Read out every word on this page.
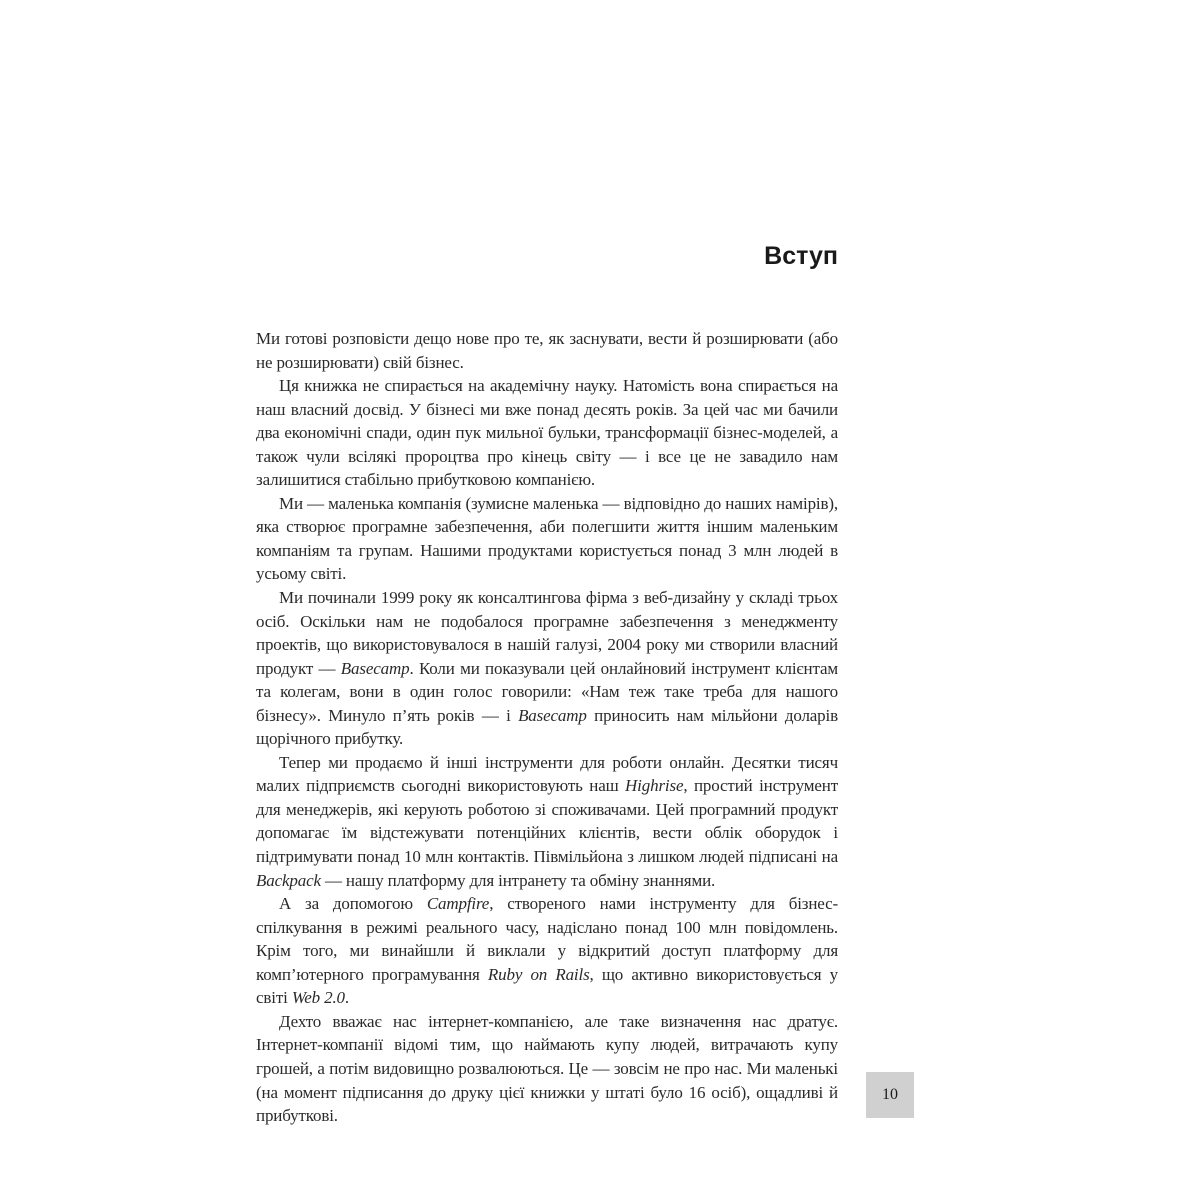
Вступ

Ми готові розповісти дещо нове про те, як заснувати, вести й розширювати (або не розширювати) свій бізнес.

Ця книжка не спирається на академічну науку. Натомість вона спирається на наш власний досвід. У бізнесі ми вже понад десять років. За цей час ми бачили два економічні спади, один пук мильної бульки, трансформації бізнес-моделей, а також чули всілякі пророцтва про кінець світу — і все це не завадило нам залишитися стабільно прибутковою компанією.

Ми — маленька компанія (зумисне маленька — відповідно до наших намірів), яка створює програмне забезпечення, аби полегшити життя іншим маленьким компаніям та групам. Нашими продуктами користується понад 3 млн людей в усьому світі.

Ми починали 1999 року як консалтингова фірма з веб-дизайну у складі трьох осіб. Оскільки нам не подобалося програмне забезпечення з менеджменту проектів, що використовувалося в нашій галузі, 2004 року ми створили власний продукт — Basecamp. Коли ми показували цей онлайновий інструмент клієнтам та колегам, вони в один голос говорили: «Нам теж таке треба для нашого бізнесу». Минуло п’ять років — і Basecamp приносить нам мільйони доларів щорічного прибутку.

Тепер ми продаємо й інші інструменти для роботи онлайн. Десятки тисяч малих підприємств сьогодні використовують наш Highrise, простий інструмент для менеджерів, які керують роботою зі споживачами. Цей програмний продукт допомагає їм відстежувати потенційних клієнтів, вести облік оборудок і підтримувати понад 10 млн контактів. Півмільйона з лишком людей підписані на Backpack — нашу платформу для інтранету та обміну знаннями.

А за допомогою Campfire, створеного нами інструменту для бізнес-спілкування в режимі реального часу, надіслано понад 100 млн повідомлень. Крім того, ми винайшли й виклали у відкритий доступ платформу для комп’ютерного програмування Ruby on Rails, що активно використовується у світі Web 2.0.

Дехто вважає нас інтернет-компанією, але таке визначення нас дратує. Інтернет-компанії відомі тим, що наймають купу людей, витрачають купу грошей, а потім видовищно розвалюються. Це — зовсім не про нас. Ми маленькі (на момент підписання до друку цієї книжки у штаті було 16 осіб), ощадливі й прибуткові.

10
